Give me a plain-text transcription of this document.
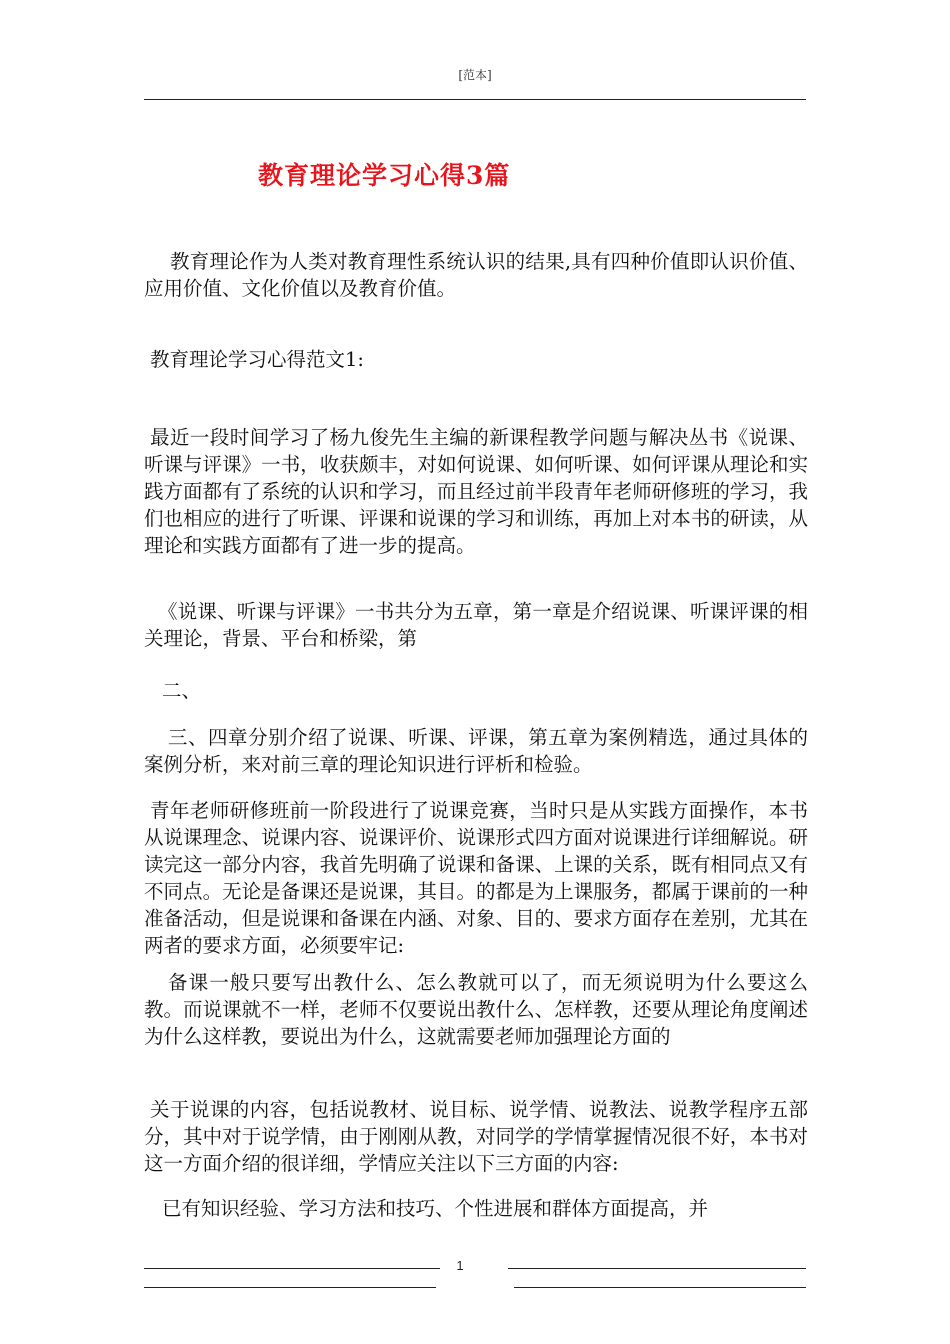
[范本]
教育理论学习心得3篇
教育理论作为人类对教育理性系统认识的结果,具有四种价值即认识价值、应用价值、文化价值以及教育价值。
教育理论学习心得范文1:
最近一段时间学习了杨九俊先生主编的新课程教学问题与解决丛书《说课、听课与评课》一书，收获颇丰，对如何说课、如何听课、如何评课从理论和实践方面都有了系统的认识和学习，而且经过前半段青年老师研修班的学习，我们也相应的进行了听课、评课和说课的学习和训练，再加上对本书的研读，从理论和实践方面都有了进一步的提高。
《说课、听课与评课》一书共分为五章，第一章是介绍说课、听课评课的相关理论，背景、平台和桥梁，第
二、
三、四章分别介绍了说课、听课、评课，第五章为案例精选，通过具体的案例分析，来对前三章的理论知识进行评析和检验。
青年老师研修班前一阶段进行了说课竞赛，当时只是从实践方面操作，本书从说课理念、说课内容、说课评价、说课形式四方面对说课进行详细解说。研读完这一部分内容，我首先明确了说课和备课、上课的关系，既有相同点又有不同点。无论是备课还是说课，其目。的都是为上课服务，都属于课前的一种准备活动，但是说课和备课在内涵、对象、目的、要求方面存在差别，尤其在两者的要求方面，必须要牢记:
备课一般只要写出教什么、怎么教就可以了，而无须说明为什么要这么教。而说课就不一样，老师不仅要说出教什么、怎样教，还要从理论角度阐述为什么这样教，要说出为什么，这就需要老师加强理论方面的
关于说课的内容，包括说教材、说目标、说学情、说教法、说教学程序五部分，其中对于说学情，由于刚刚从教，对同学的学情掌握情况很不好，本书对这一方面介绍的很详细，学情应关注以下三方面的内容:
已有知识经验、学习方法和技巧、个性进展和群体方面提高，并
1
